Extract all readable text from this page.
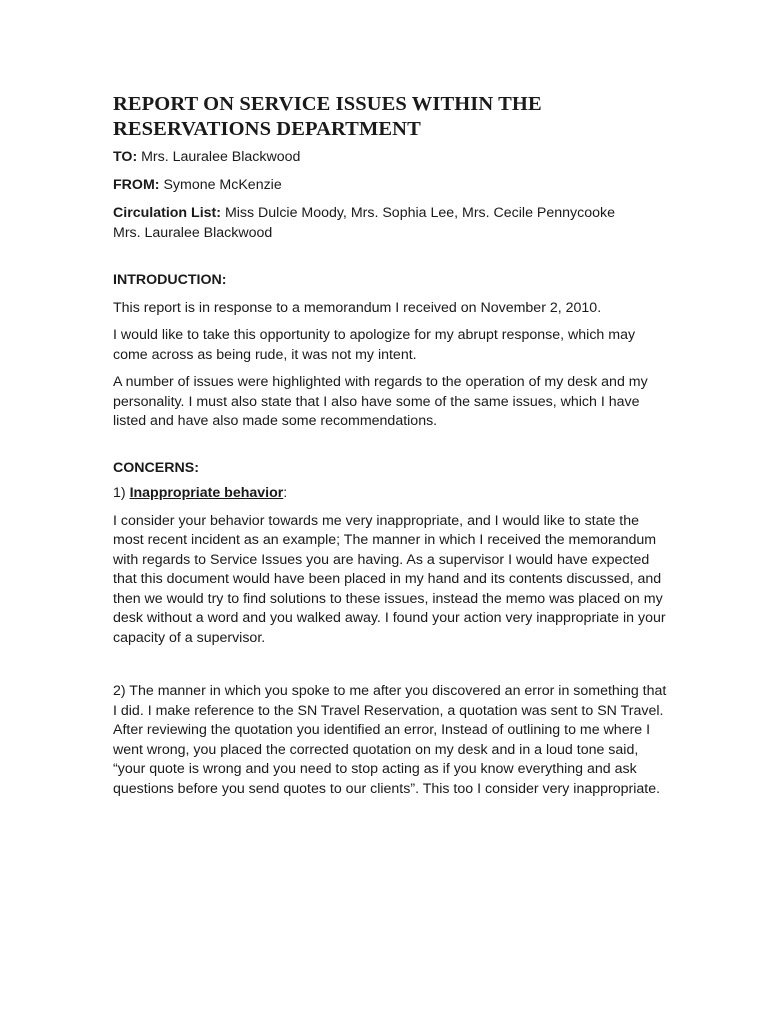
REPORT ON SERVICE ISSUES WITHIN THE
RESERVATIONS DEPARTMENT

TO: Mrs. Lauralee Blackwood

FROM: Symone McKenzie

Circulation List: Miss Dulcie Moody, Mrs. Sophia Lee, Mrs. Cecile Pennycooke
Mrs. Lauralee Blackwood

INTRODUCTION:

This report is in response to a memorandum I received on November 2, 2010.

I would like to take this opportunity to apologize for my abrupt response, which may come across as being rude, it was not my intent.

A number of issues were highlighted with regards to the operation of my desk and my personality. I must also state that I also have some of the same issues, which I have listed and have also made some recommendations.

CONCERNS:

1) Inappropriate behavior:

I consider your behavior towards me very inappropriate, and I would like to state the most recent incident as an example; The manner in which I received the memorandum with regards to Service Issues you are having. As a supervisor I would have expected that this document would have been placed in my hand and its contents discussed, and then we would try to find solutions to these issues, instead the memo was placed on my desk without a word and you walked away. I found your action very inappropriate in your capacity of a supervisor.

2) The manner in which you spoke to me after you discovered an error in something that I did. I make reference to the SN Travel Reservation, a quotation was sent to SN Travel. After reviewing the quotation you identified an error, Instead of outlining to me where I went wrong, you placed the corrected quotation on my desk and in a loud tone said, “your quote is wrong and you need to stop acting as if you know everything and ask questions before you send quotes to our clients”. This too I consider very inappropriate.
